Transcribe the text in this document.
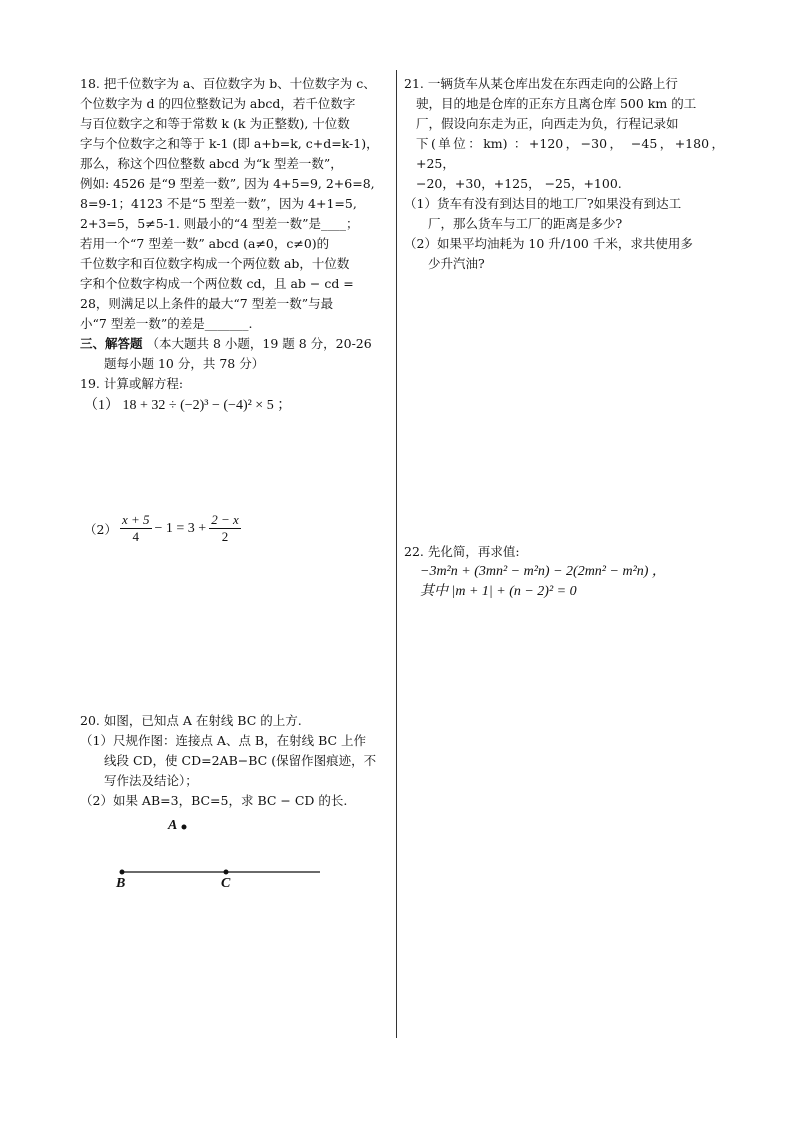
18. 把千位数字为 a、百位数字为 b、十位数字为 c、

个位数字为 d 的四位整数记为 abcd，若千位数字

与百位数字之和等于常数 k (k 为正整数), 十位数

字与个位数字之和等于 k-1 (即 a+b=k, c+d=k-1)，

那么，称这个四位整数 abcd 为“k 型差一数”，

例如: 4526 是“9 型差一数”, 因为 4+5=9, 2+6=8,

8=9-1；4123 不是“5 型差一数”，因为 4+1=5,

2+3=5，5≠5-1. 则最小的“4 型差一数”是____；

若用一个“7 型差一数” abcd (a≠0，c≠0)的

千位数字和百位数字构成一个两位数 ab，十位数

字和个位数字构成一个两位数 cd，且 ab − cd =

28，则满足以上条件的最大“7 型差一数”与最

小“7 型差一数”的差是_______.

三、解答题 （本大题共 8 小题，19 题 8 分，20-26

题每小题 10 分，共 78 分）

19. 计算或解方程:

（1） 18 + 32 ÷ (−2)³ − (−4)² × 5 ；

$(2) \frac{x + 5}{4} - 1 = 3 + \frac{2 - x}{2}$

20. 如图，已知点 A 在射线 BC 的上方.

（1）尺规作图：连接点 A、点 B，在射线 BC 上作

线段 CD，使 CD=2AB−BC (保留作图痕迹，不

写作法及结论）；

（2）如果 AB=3，BC=5，求 BC − CD 的长.

A
B	C

21. 一辆货车从某仓库出发在东西走向的公路上行

驶，目的地是仓库的正东方且离仓库 500 km 的工

厂，假设向东走为正，向西走为负，行程记录如

下(单位：km) ：+120，−30， −45，+180， +25，

−20，+30，+125， −25，+100.

（1）货车有没有到达目的地工厂?如果没有到达工

厂，那么货车与工厂的距离是多少?

（2）如果平均油耗为 10 升/100 千米，求共使用多

少升汽油?

22. 先化简，再求值:

−3m²n + (3mn² − m²n) − 2(2mn² − m²n) ，

其中 |m + 1| + (n − 2)² = 0
